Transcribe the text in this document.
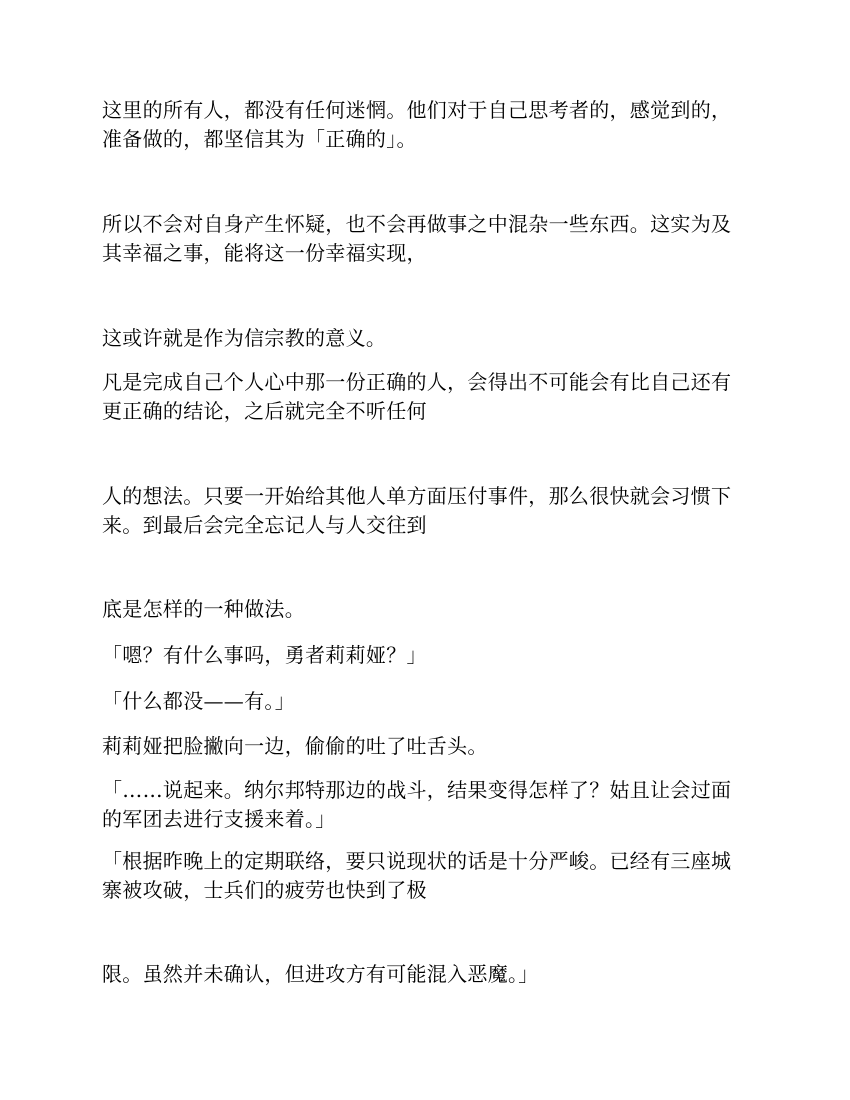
这里的所有人，都没有任何迷惘。他们对于自己思考者的，感觉到的，
准备做的，都坚信其为「正确的」。
所以不会对自身产生怀疑，也不会再做事之中混杂一些东西。这实为及
其幸福之事，能将这一份幸福实现，
这或许就是作为信宗教的意义。
凡是完成自己个人心中那一份正确的人，会得出不可能会有比自己还有
更正确的结论，之后就完全不听任何
人的想法。只要一开始给其他人单方面压付事件，那么很快就会习惯下
来。到最后会完全忘记人与人交往到
底是怎样的一种做法。
「嗯？有什么事吗，勇者莉莉娅？」
「什么都没——有。」
莉莉娅把脸撇向一边，偷偷的吐了吐舌头。
「……说起来。纳尔邦特那边的战斗，结果变得怎样了？姑且让会过面
的军团去进行支援来着。」
「根据昨晚上的定期联络，要只说现状的话是十分严峻。已经有三座城
寨被攻破，士兵们的疲劳也快到了极
限。虽然并未确认，但进攻方有可能混入恶魔。」
